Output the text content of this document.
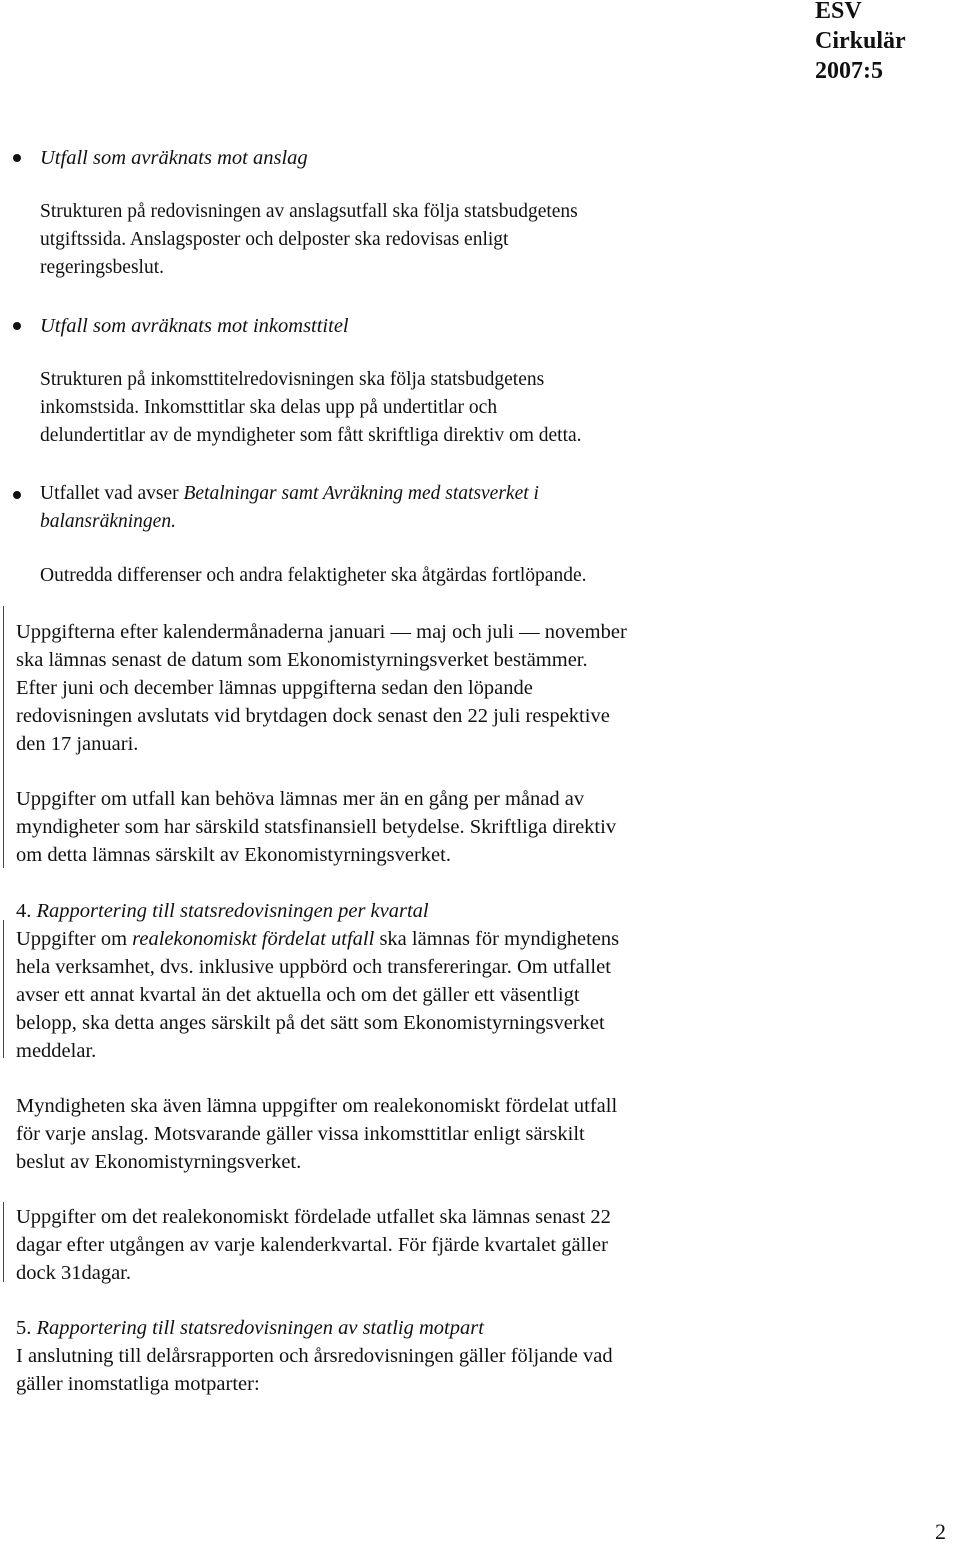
ESV
Cirkulär
2007:5
Utfall som avräknats mot anslag
Strukturen på redovisningen av anslagsutfall ska följa statsbudgetens
utgiftssida. Anslagsposter och delposter ska redovisas enligt
regeringsbeslut.
Utfall som avräknats mot inkomsttitel
Strukturen på inkomsttitelredovisningen ska följa statsbudgetens
inkomstsida. Inkomsttitlar ska delas upp på undertitlar och
delundertitlar av de myndigheter som fått skriftliga direktiv om detta.
Utfallet vad avser Betalningar samt Avräkning med statsverket i
balansräkningen.
Outredda differenser och andra felaktigheter ska åtgärdas fortlöpande.
Uppgifterna efter kalendermånaderna januari — maj och juli — november
ska lämnas senast de datum som Ekonomistyrningsverket bestämmer.
Efter juni och december lämnas uppgifterna sedan den löpande
redovisningen avslutats vid brytdagen dock senast den 22 juli respektive
den 17 januari.
Uppgifter om utfall kan behöva lämnas mer än en gång per månad av
myndigheter som har särskild statsfinansiell betydelse. Skriftliga direktiv
om detta lämnas särskilt av Ekonomistyrningsverket.
4. Rapportering till statsredovisningen per kvartal
Uppgifter om realekonomiskt fördelat utfall ska lämnas för myndighetens
hela verksamhet, dvs. inklusive uppbörd och transfereringar. Om utfallet
avser ett annat kvartal än det aktuella och om det gäller ett väsentligt
belopp, ska detta anges särskilt på det sätt som Ekonomistyrningsverket
meddelar.
Myndigheten ska även lämna uppgifter om realekonomiskt fördelat utfall
för varje anslag. Motsvarande gäller vissa inkomsttitlar enligt särskilt
beslut av Ekonomistyrningsverket.
Uppgifter om det realekonomiskt fördelade utfallet ska lämnas senast 22
dagar efter utgången av varje kalenderkvartal. För fjärde kvartalet gäller
dock 31dagar.
5. Rapportering till statsredovisningen av statlig motpart
I anslutning till delårsrapporten och årsredovisningen gäller följande vad
gäller inomstatliga motparter:
2
